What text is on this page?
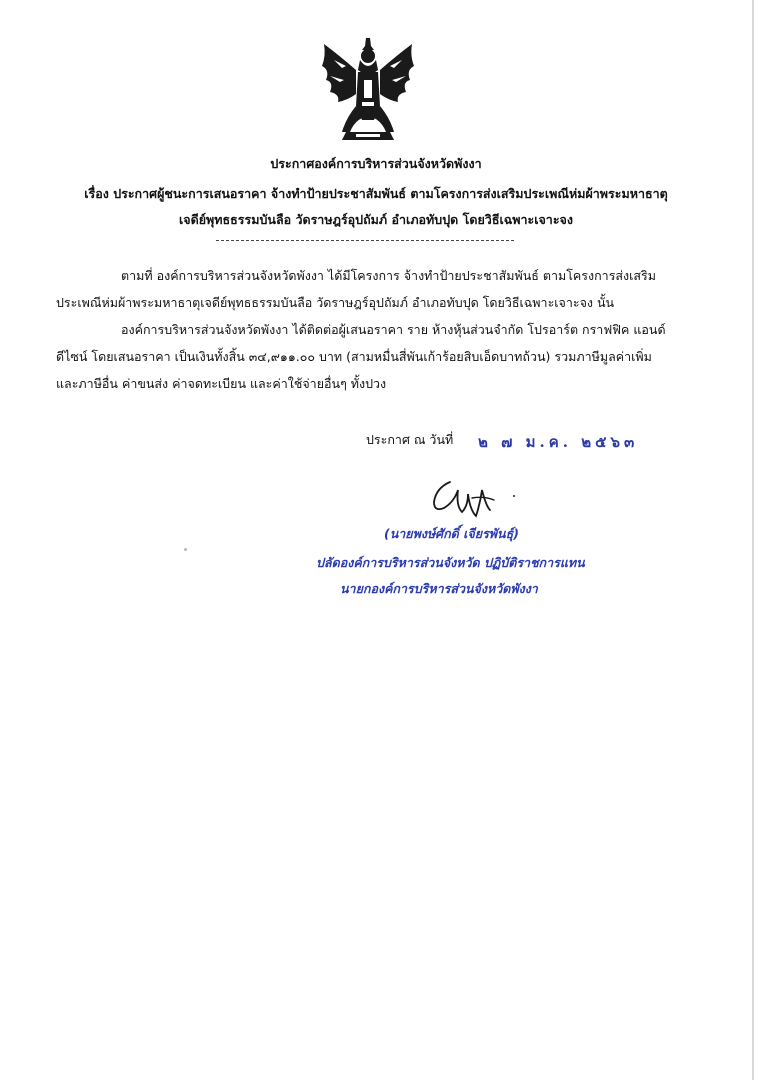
ประกาศองค์การบริหารส่วนจังหวัดพังงา
เรื่อง ประกาศผู้ชนะการเสนอราคา จ้างทำป้ายประชาสัมพันธ์ ตามโครงการส่งเสริมประเพณีห่มผ้าพระมหาธาตุ
เจดีย์พุทธธรรมบันลือ วัดราษฎร์อุปถัมภ์ อำเภอทับปุด โดยวิธีเฉพาะเจาะจง
ตามที่ องค์การบริหารส่วนจังหวัดพังงา ได้มีโครงการ จ้างทำป้ายประชาสัมพันธ์ ตามโครงการส่งเสริม
ประเพณีห่มผ้าพระมหาธาตุเจดีย์พุทธธรรมบันลือ วัดราษฎร์อุปถัมภ์ อำเภอทับปุด โดยวิธีเฉพาะเจาะจง นั้น
องค์การบริหารส่วนจังหวัดพังงา ได้ติดต่อผู้เสนอราคา ราย ห้างหุ้นส่วนจำกัด โปรอาร์ต กราฟฟิค แอนด์
ดีไซน์ โดยเสนอราคา เป็นเงินทั้งสิ้น ๓๔,๙๑๑.๐๐ บาท (สามหมื่นสี่พันเก้าร้อยสิบเอ็ดบาทถ้วน) รวมภาษีมูลค่าเพิ่ม
และภาษีอื่น ค่าขนส่ง ค่าจดทะเบียน และค่าใช้จ่ายอื่นๆ ทั้งปวง
ประกาศ ณ วันที่ ๒ ๗ ม.ค. ๒๕๖๓
(นายพงษ์ศักดิ์ เจียรพันธุ์)
ปลัดองค์การบริหารส่วนจังหวัด ปฏิบัติราชการแทน
นายกองค์การบริหารส่วนจังหวัดพังงา
